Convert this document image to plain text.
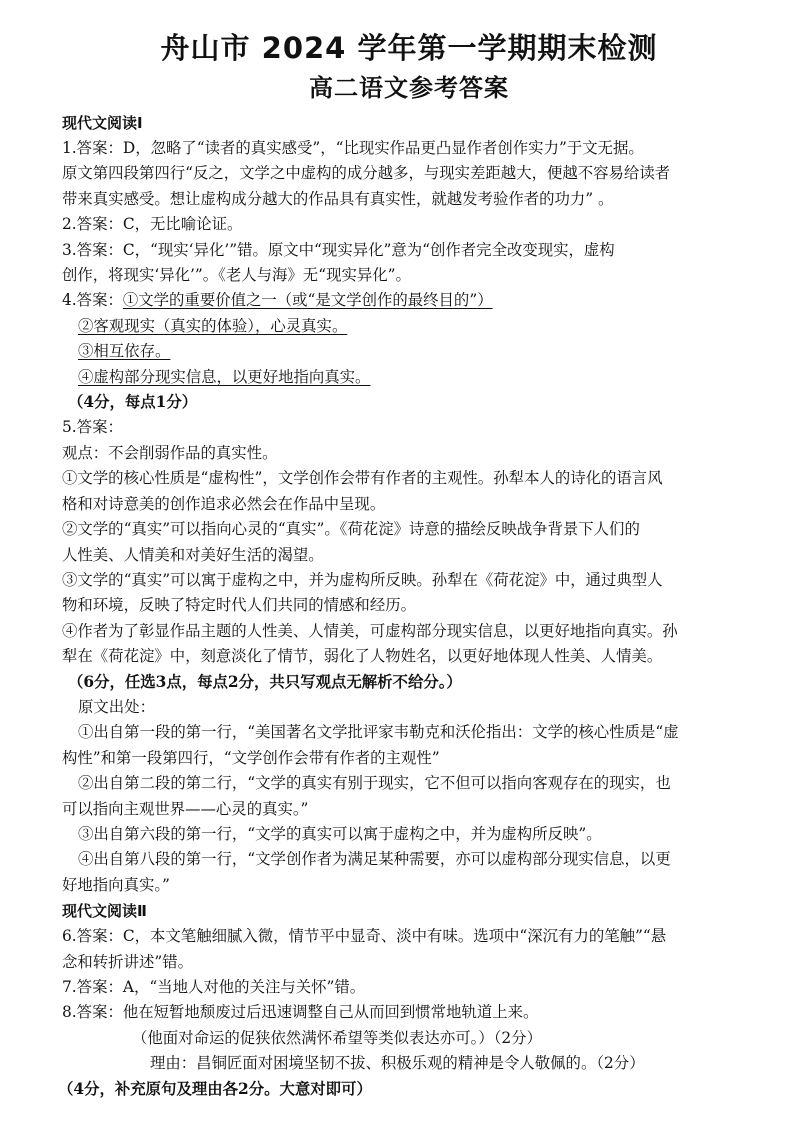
舟山市 2024 学年第一学期期末检测
高二语文参考答案
现代文阅读Ⅰ
1.答案：D，忽略了“读者的真实感受”，“比现实作品更凸显作者创作实力”于文无据。
原文第四段第四行“反之，文学之中虚构的成分越多，与现实差距越大，便越不容易给读者
带来真实感受。想让虚构成分越大的作品具有真实性，就越发考验作者的功力” 。
2.答案：C，无比喻论证。
3.答案：C，“现实‘异化’”错。原文中“现实异化”意为“创作者完全改变现实，虚构
创作，将现实‘异化’”。《老人与海》无“现实异化”。
4.答案：①文学的重要价值之一（或“是文学创作的最终目的”）
②客观现实（真实的体验），心灵真实。
③相互依存。
④虚构部分现实信息，以更好地指向真实。
（4分，每点1分）
5.答案：
观点：不会削弱作品的真实性。
①文学的核心性质是“虚构性”，文学创作会带有作者的主观性。孙犁本人的诗化的语言风
格和对诗意美的创作追求必然会在作品中呈现。
②文学的“真实”可以指向心灵的“真实”。《荷花淀》诗意的描绘反映战争背景下人们的
人性美、人情美和对美好生活的渴望。
③文学的“真实”可以寓于虚构之中，并为虚构所反映。孙犁在《荷花淀》中，通过典型人
物和环境，反映了特定时代人们共同的情感和经历。
④作者为了彰显作品主题的人性美、人情美，可虚构部分现实信息，以更好地指向真实。孙
犁在《荷花淀》中，刻意淡化了情节，弱化了人物姓名，以更好地体现人性美、人情美。
（6分，任选3点，每点2分，共只写观点无解析不给分。）
原文出处：
①出自第一段的第一行，“美国著名文学批评家韦勒克和沃伦指出：文学的核心性质是“虚
构性”和第一段第四行，“文学创作会带有作者的主观性”
②出自第二段的第二行，“文学的真实有别于现实，它不但可以指向客观存在的现实，也
可以指向主观世界——心灵的真实。”
③出自第六段的第一行，“文学的真实可以寓于虚构之中，并为虚构所反映”。
④出自第八段的第一行，“文学创作者为满足某种需要，亦可以虚构部分现实信息，以更
好地指向真实。”
现代文阅读Ⅱ
6.答案：C，本文笔触细腻入微，情节平中显奇、淡中有味。选项中“深沉有力的笔触”“悬
念和转折讲述”错。
7.答案：A，“当地人对他的关注与关怀”错。
8.答案：他在短暂地颓废过后迅速调整自己从而回到惯常地轨道上来。
（他面对命运的促狭依然满怀希望等类似表达亦可。）（2分）
理由：昌铜匠面对困境坚韧不拔、积极乐观的精神是令人敬佩的。（2分）
（4分，补充原句及理由各2分。大意对即可）
